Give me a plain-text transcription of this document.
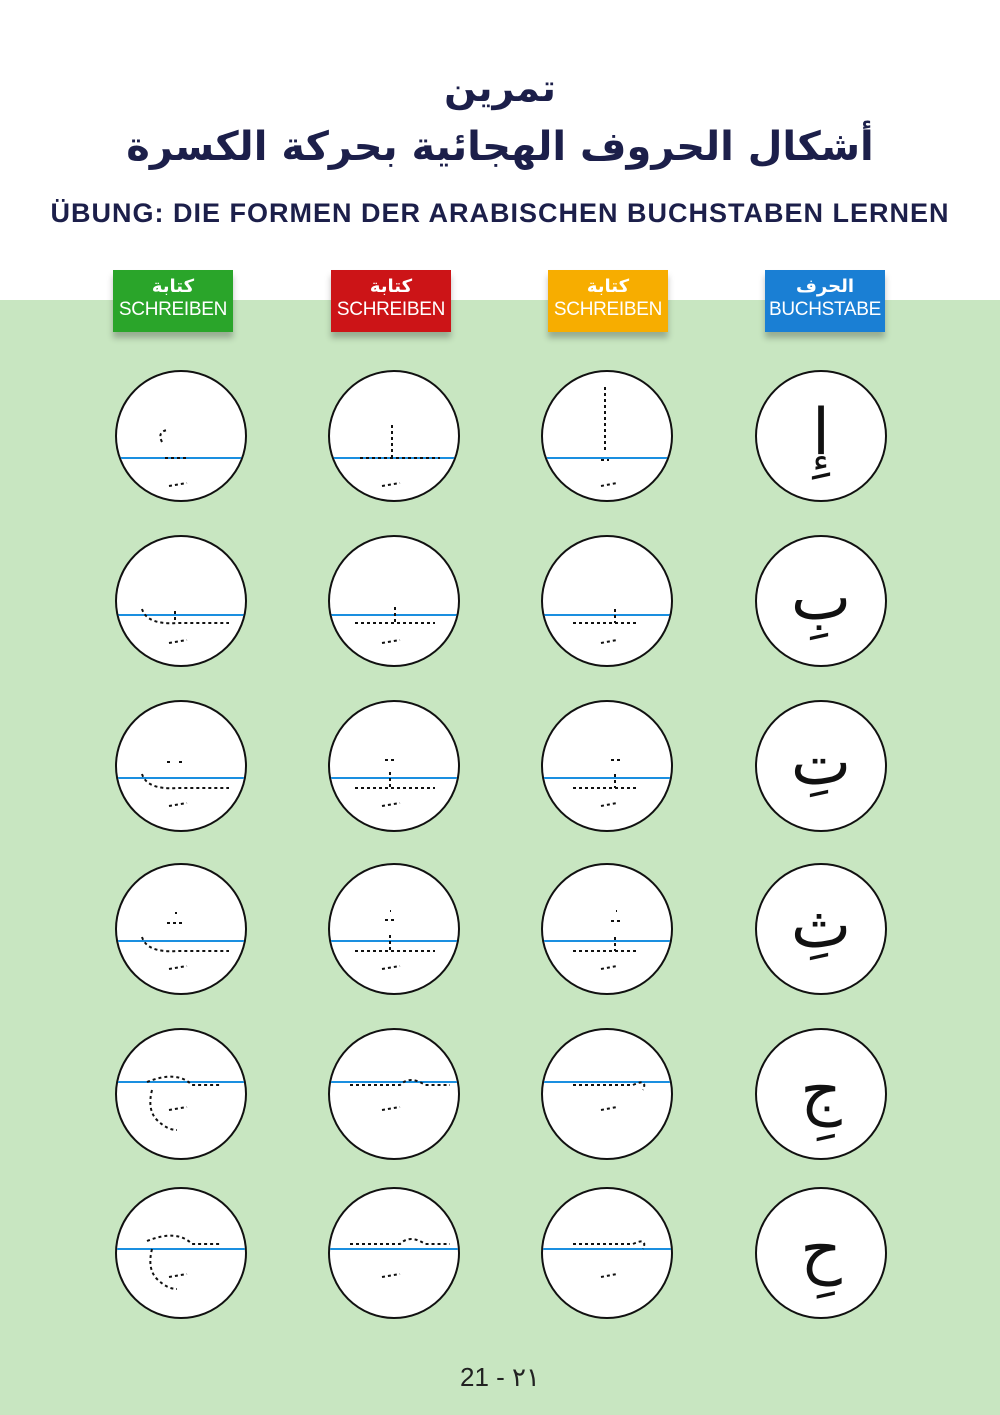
تمرين
أشكال الحروف الهجائية بحركة الكسرة
ÜBUNG: DIE FORMEN DER ARABISCHEN BUCHSTABEN LERNEN
كتابة
SCHREIBEN
كتابة
SCHREIBEN
كتابة
SCHREIBEN
الحرف
BUCHSTABE
إِ
بِ
تِ
ثِ
جِ
حِ
21 - ٢١
